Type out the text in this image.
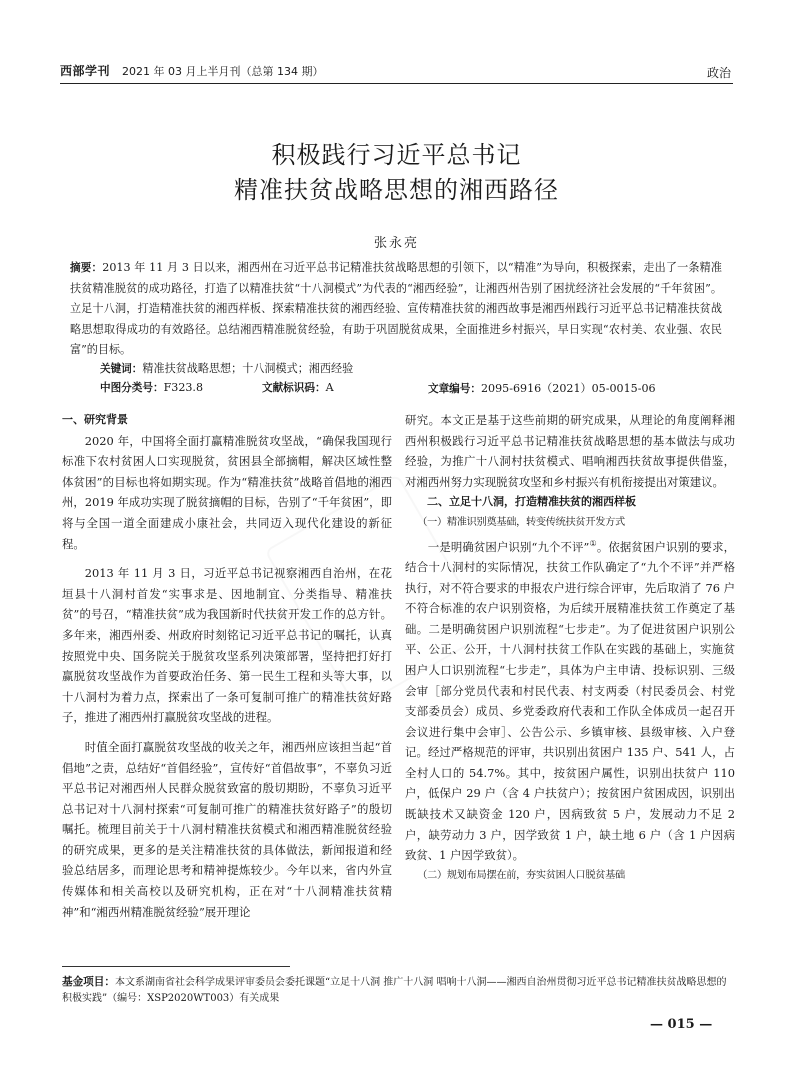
西部学刊 2021 年 03 月上半月刊（总第 134 期）	政治
积极践行习近平总书记
精准扶贫战略思想的湘西路径
张永亮
摘要：2013 年 11 月 3 日以来，湘西州在习近平总书记精准扶贫战略思想的引领下，以“精准”为导向，积极探索，走出了一条精准扶贫精准脱贫的成功路径，打造了以精准扶贫“十八洞模式”为代表的“湘西经验”，让湘西州告别了困扰经济社会发展的“千年贫困”。立足十八洞，打造精准扶贫的湘西样板、探索精准扶贫的湘西经验、宣传精准扶贫的湘西故事是湘西州践行习近平总书记精准扶贫战略思想取得成功的有效路径。总结湘西精准脱贫经验，有助于巩固脱贫成果，全面推进乡村振兴，早日实现“农村美、农业强、农民富”的目标。
关键词：精准扶贫战略思想；十八洞模式；湘西经验
中图分类号：F323.8	文献标识码：A	文章编号：2095-6916（2021）05-0015-06
一、研究背景

2020 年，中国将全面打赢精准脱贫攻坚战，“确保我国现行标准下农村贫困人口实现脱贫，贫困县全部摘帽，解决区域性整体贫困”的目标也将如期实现。作为“精准扶贫”战略首倡地的湘西州，2019 年成功实现了脱贫摘帽的目标，告别了“千年贫困”，即将与全国一道全面建成小康社会，共同迈入现代化建设的新征程。

2013 年 11 月 3 日，习近平总书记视察湘西自治州，在花垣县十八洞村首发“实事求是、因地制宜、分类指导、精准扶贫”的号召，“精准扶贫”成为我国新时代扶贫开发工作的总方针。多年来，湘西州委、州政府时刻铭记习近平总书记的嘱托，认真按照党中央、国务院关于脱贫攻坚系列决策部署，坚持把打好打赢脱贫攻坚战作为首要政治任务、第一民生工程和头等大事，以十八洞村为着力点，探索出了一条可复制可推广的精准扶贫好路子，推进了湘西州打赢脱贫攻坚战的进程。

时值全面打赢脱贫攻坚战的收关之年，湘西州应该担当起“首倡地”之责，总结好“首倡经验”，宣传好“首倡故事”，不辜负习近平总书记对湘西州人民群众脱贫致富的殷切期盼，不辜负习近平总书记对十八洞村探索“可复制可推广的精准扶贫好路子”的殷切嘱托。梳理目前关于十八洞村精准扶贫模式和湘西精准脱贫经验的研究成果，更多的是关注精准扶贫的具体做法，新闻报道和经验总结居多，而理论思考和精神提炼较少。今年以来，省内外宣传媒体和相关高校以及研究机构，正在对“十八洞精准扶贫精神”和“湘西州精准脱贫经验”展开理论

研究。本文正是基于这些前期的研究成果，从理论的角度阐释湘西州积极践行习近平总书记精准扶贫战略思想的基本做法与成功经验，为推广十八洞村扶贫模式、唱响湘西扶贫故事提供借鉴，对湘西州努力实现脱贫攻坚和乡村振兴有机衔接提出对策建议。

二、立足十八洞，打造精准扶贫的湘西样板
（一）精准识别奠基础，转变传统扶贫开发方式

一是明确贫困户识别“九个不评”①。依据贫困户识别的要求，结合十八洞村的实际情况，扶贫工作队确定了“九个不评”并严格执行，对不符合要求的申报农户进行综合评审，先后取消了 76 户不符合标准的农户识别资格，为后续开展精准扶贫工作奠定了基础。二是明确贫困户识别流程“七步走”。为了促进贫困户识别公平、公正、公开，十八洞村扶贫工作队在实践的基础上，实施贫困户人口识别流程“七步走”，具体为户主申请、投标识别、三级会审［部分党员代表和村民代表、村支两委（村民委员会、村党支部委员会）成员、乡党委政府代表和工作队全体成员一起召开会议进行集中会审］、公告公示、乡镇审核、县级审核、入户登记。经过严格规范的评审，共识别出贫困户 135 户、541 人，占全村人口的 54.7%。其中，按贫困户属性，识别出扶贫户 110 户，低保户 29 户（含 4 户扶贫户）；按贫困户贫困成因，识别出既缺技术又缺资金 120 户，因病致贫 5 户，发展动力不足 2 户，缺劳动力 3 户，因学致贫 1 户，缺土地 6 户（含 1 户因病致贫、1 户因学致贫）。

（二）规划布局摆在前，夯实贫困人口脱贫基础
基金项目：本文系湖南省社会科学成果评审委员会委托课题“立足十八洞 推广十八洞 唱响十八洞——湘西自治州贯彻习近平总书记精准扶贫战略思想的积极实践”（编号：XSP2020WT003）有关成果
— 015 —
